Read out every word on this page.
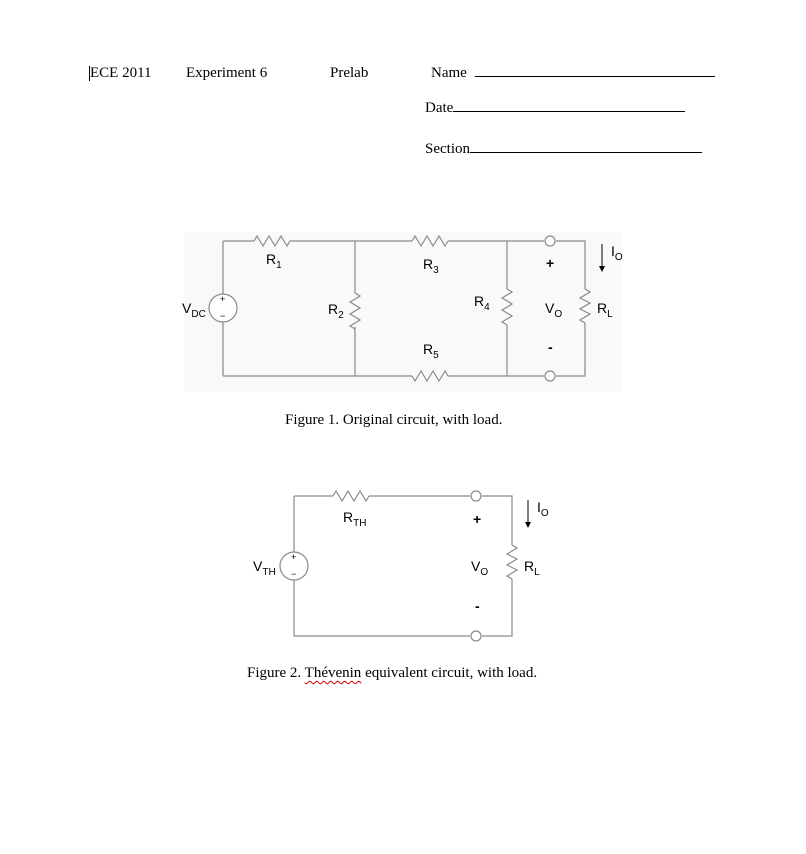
ECE 2011 Experiment 6	Prelab	Name
Date
Section
+
−
$V_{DC}$
$R_1$
$R_2$
$R_3$
$R_4$
$R_5$
$V_O$ $R_L$
$I_O$
+
-
Figure 1. Original circuit, with load.
+
−
$V_{TH}$
$R_{TH}$
$V_O$	$R_L$
$I_O$
+
-
Figure 2. Thévenin equivalent circuit, with load.
